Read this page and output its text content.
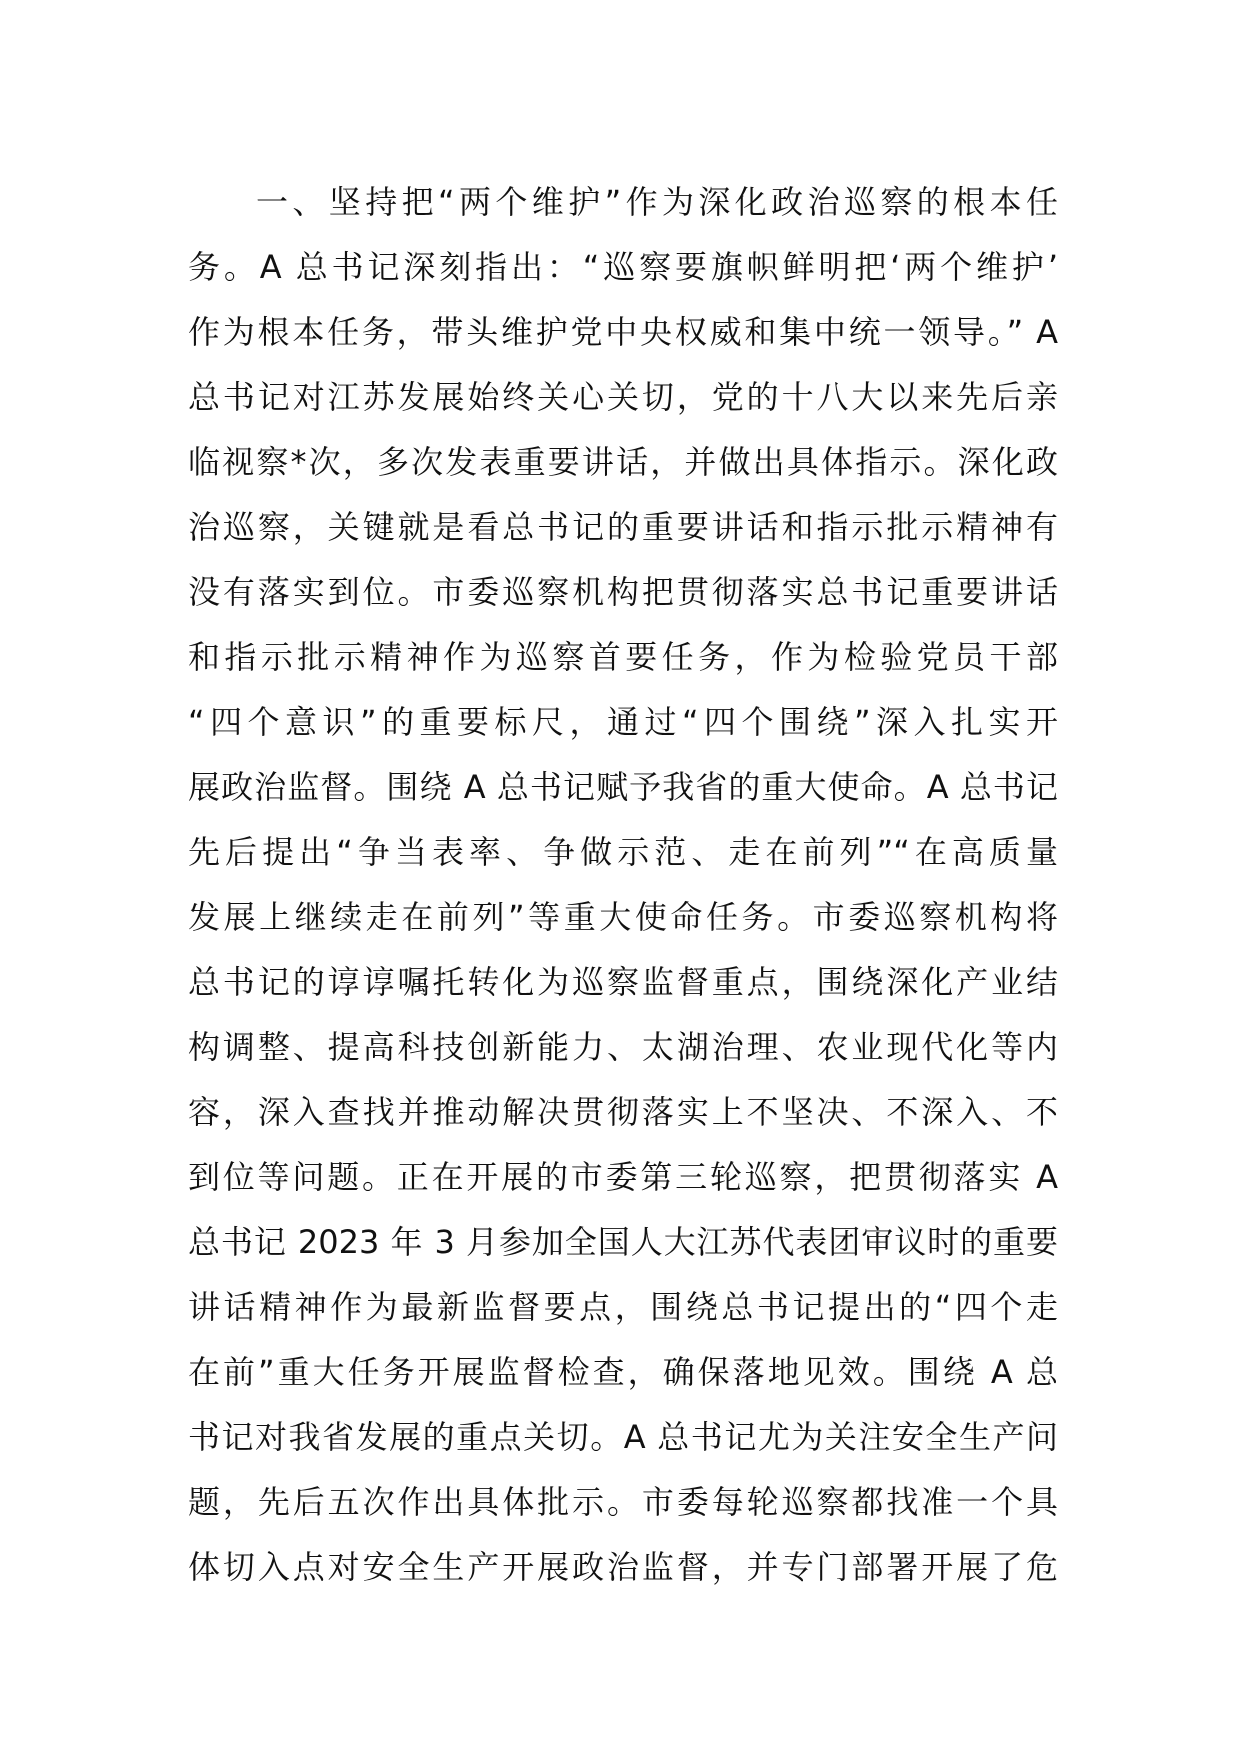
一、坚持把“两个维护”作为深化政治巡察的根本任
务。A 总书记深刻指出：“巡察要旗帜鲜明把‘两个维护’
作为根本任务，带头维护党中央权威和集中统一领导。” A
总书记对江苏发展始终关心关切，党的十八大以来先后亲
临视察*次，多次发表重要讲话，并做出具体指示。深化政
治巡察，关键就是看总书记的重要讲话和指示批示精神有
没有落实到位。市委巡察机构把贯彻落实总书记重要讲话
和指示批示精神作为巡察首要任务，作为检验党员干部
“四个意识”的重要标尺，通过“四个围绕”深入扎实开
展政治监督。围绕 A 总书记赋予我省的重大使命。A 总书记
先后提出“争当表率、争做示范、走在前列”“在高质量
发展上继续走在前列”等重大使命任务。市委巡察机构将
总书记的谆谆嘱托转化为巡察监督重点，围绕深化产业结
构调整、提高科技创新能力、太湖治理、农业现代化等内
容，深入查找并推动解决贯彻落实上不坚决、不深入、不
到位等问题。正在开展的市委第三轮巡察，把贯彻落实 A
总书记 2023 年 3 月参加全国人大江苏代表团审议时的重要
讲话精神作为最新监督要点，围绕总书记提出的“四个走
在前”重大任务开展监督检查，确保落地见效。围绕 A 总
书记对我省发展的重点关切。A 总书记尤为关注安全生产问
题，先后五次作出具体批示。市委每轮巡察都找准一个具
体切入点对安全生产开展政治监督，并专门部署开展了危
